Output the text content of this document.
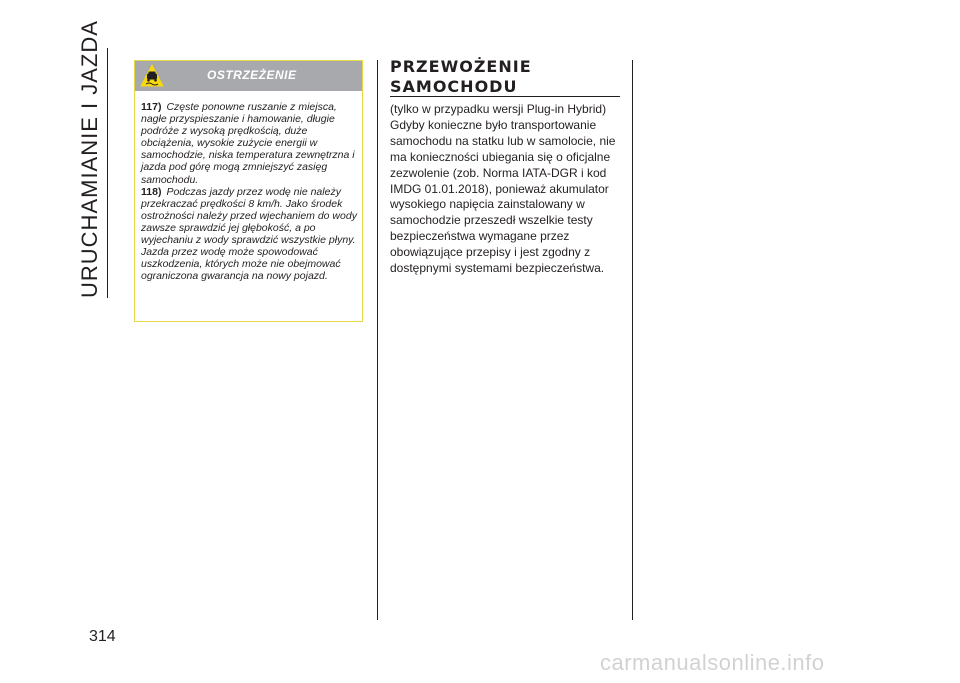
URUCHAMIANIE I JAZDA
314
OSTRZEŻENIE

117) Częste ponowne ruszanie z miejsca, nagłe przyspieszanie i hamowanie, długie podróże z wysoką prędkością, duże obciążenia, wysokie zużycie energii w samochodzie, niska temperatura zewnętrzna i jazda pod górę mogą zmniejszyć zasięg samochodu.

118) Podczas jazdy przez wodę nie należy przekraczać prędkości 8 km/h. Jako środek ostrożności należy przed wjechaniem do wody zawsze sprawdzić jej głębokość, a po wyjechaniu z wody sprawdzić wszystkie płyny. Jazda przez wodę może spowodować uszkodzenia, których może nie obejmować ograniczona gwarancja na nowy pojazd.

PRZEWOŻENIE SAMOCHODU

(tylko w przypadku wersji Plug-in Hybrid) Gdyby konieczne było transportowanie samochodu na statku lub w samolocie, nie ma konieczności ubiegania się o oficjalne zezwolenie (zob. Norma IATA-DGR i kod IMDG 01.01.2018), ponieważ akumulator wysokiego napięcia zainstalowany w samochodzie przeszedł wszelkie testy bezpieczeństwa wymagane przez obowiązujące przepisy i jest zgodny z dostępnymi systemami bezpieczeństwa.

carmanualsonline.info
